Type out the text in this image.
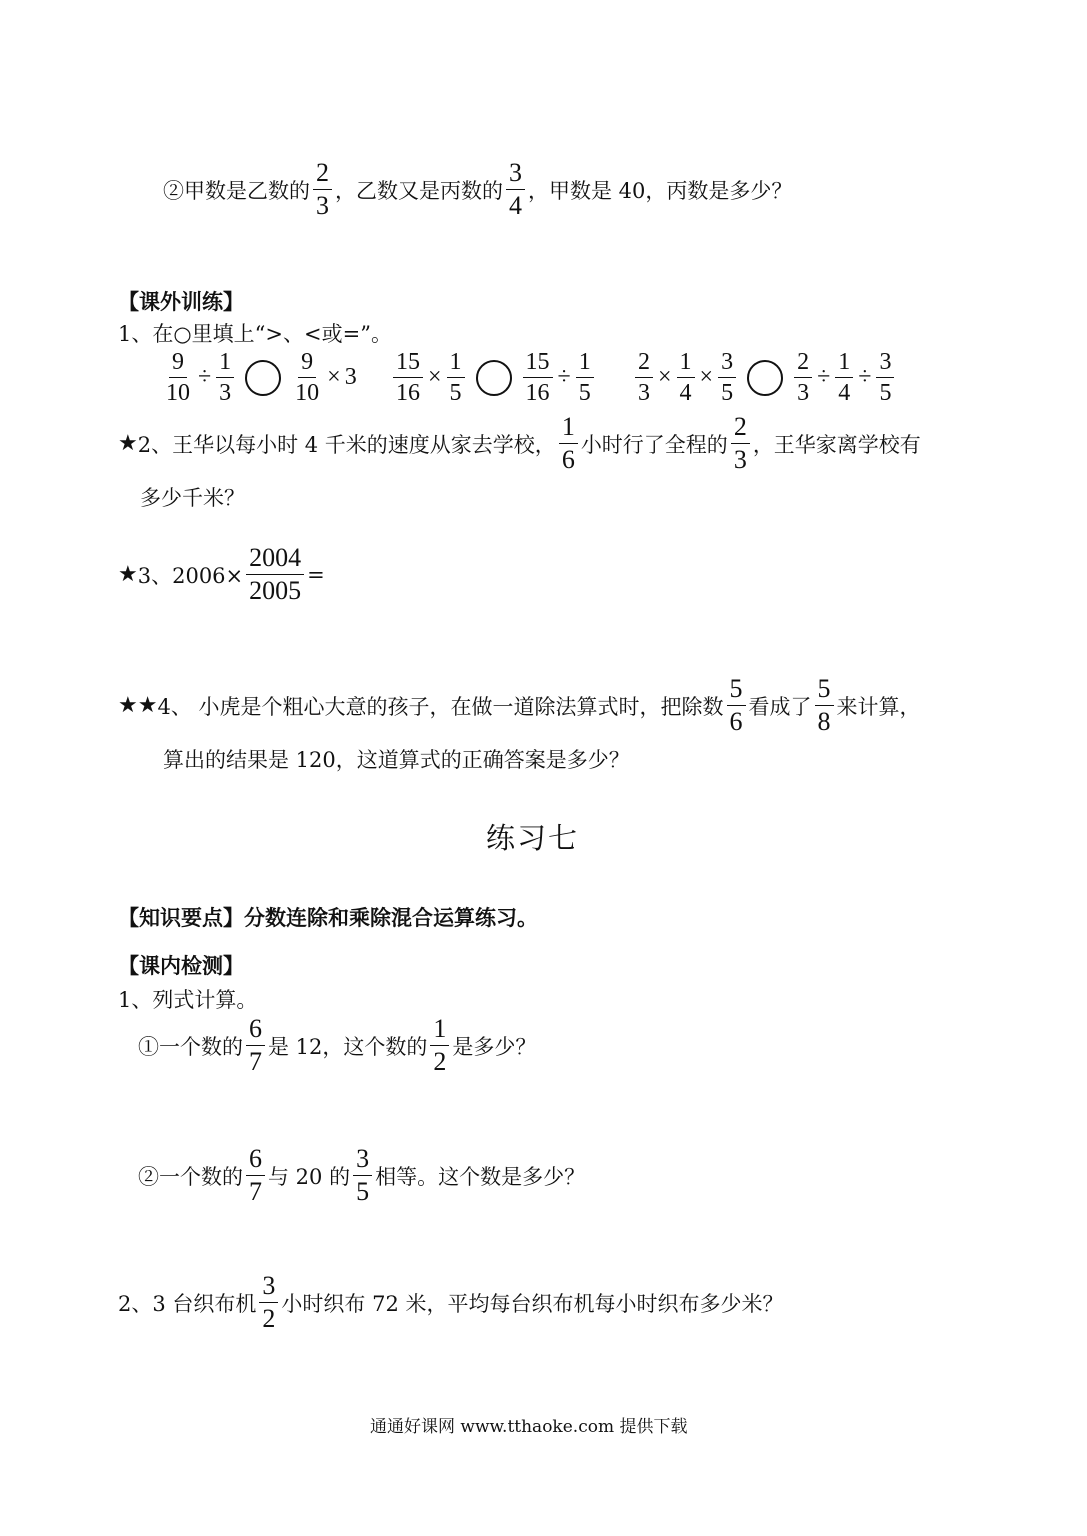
②甲数是乙数的 $\frac{2}{3}$ ，乙数又是丙数的 $\frac{3}{4}$ ，甲数是 40，丙数是多少？
【课外训练】
1、在○里填上“>、<或=”。
$\frac{9}{10} \div \frac{1}{3} \frac{9}{10} \times 3 \frac{15}{16} \times \frac{1}{5} \frac{15}{16} \div \frac{1}{5} \frac{2}{3} \times \frac{1}{4} \times \frac{3}{5} \frac{2}{3} \div \frac{1}{4} \div \frac{3}{5}$
★ 2、王华以每小时 4 千米的速度从家去学校， $\frac{1}{6}$ 小时行了全程的 $\frac{2}{3}$ ，王华家离学校有
多少千米？
★ 3、$2006\times \frac{2004}{2005}$ =
★★ 4、 小虎是个粗心大意的孩子，在做一道除法算式时，把除数 $\frac{5}{6}$ 看成了 $\frac{5}{8}$ 来计算，
算出的结果是 120，这道算式的正确答案是多少？
练习七
【知识要点】 分数连除和乘除混合运算练习。
【课内检测】
1、列式计算。
①一个数的 $\frac{6}{7}$ 是 12，这个数的 $\frac{1}{2}$ 是多少？
②一个数的 $\frac{6}{7}$ 与 20 的 $\frac{3}{5}$ 相等。这个数是多少？
2、3 台织布机 $\frac{3}{2}$ 小时织布 72 米，平均每台织布机每小时织布多少米？
通通好课网 www.tthaoke.com 提供下载
